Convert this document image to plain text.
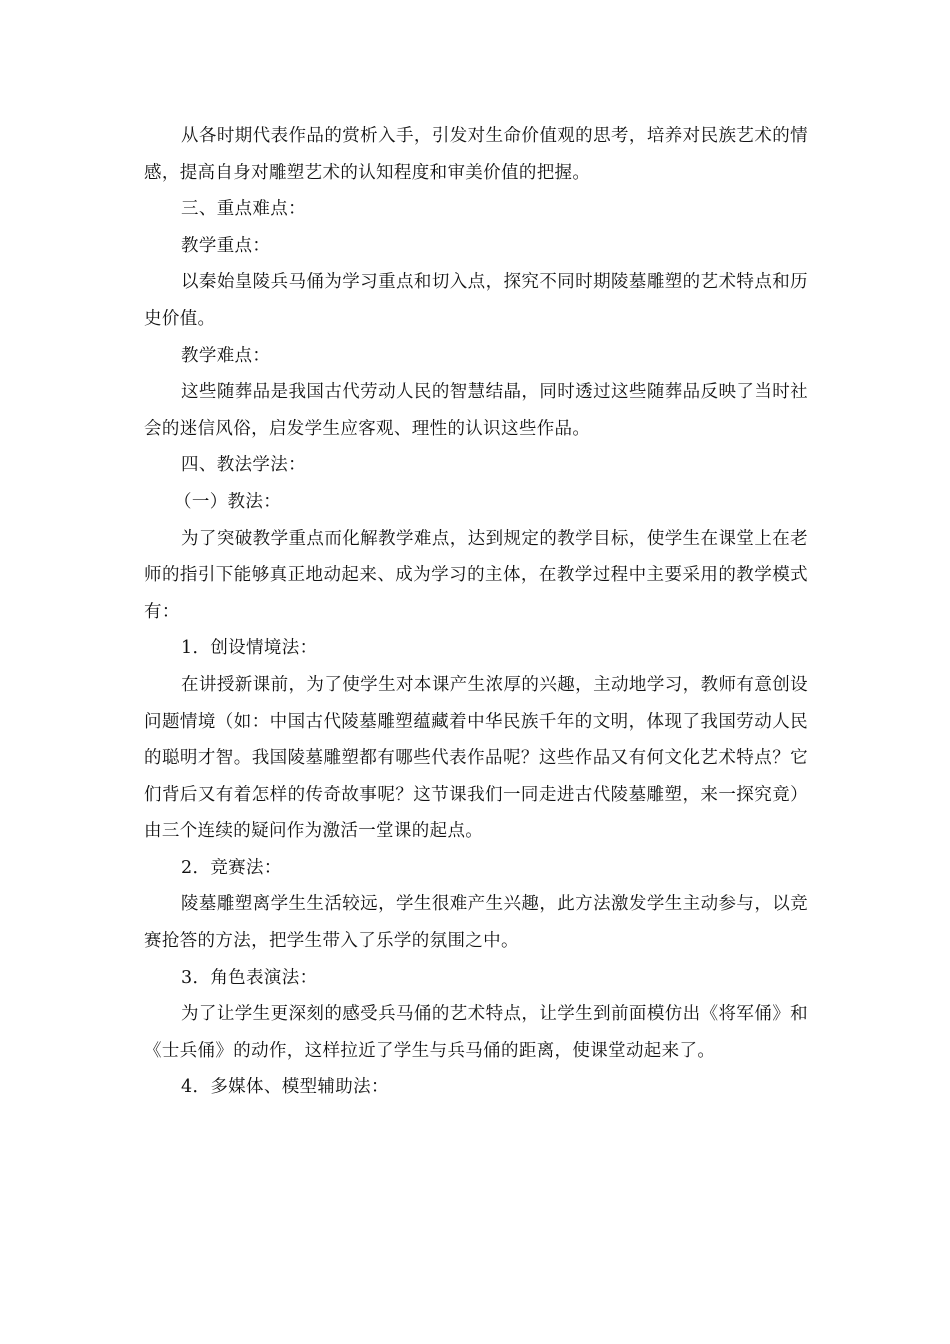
从各时期代表作品的赏析入手，引发对生命价值观的思考，培养对民族艺术的情感，提高自身对雕塑艺术的认知程度和审美价值的把握。

三、重点难点：

教学重点：

以秦始皇陵兵马俑为学习重点和切入点，探究不同时期陵墓雕塑的艺术特点和历史价值。

教学难点：

这些随葬品是我国古代劳动人民的智慧结晶，同时透过这些随葬品反映了当时社会的迷信风俗，启发学生应客观、理性的认识这些作品。

四、教法学法：

（一）教法：

为了突破教学重点而化解教学难点，达到规定的教学目标，使学生在课堂上在老师的指引下能够真正地动起来、成为学习的主体，在教学过程中主要采用的教学模式有：

1．创设情境法：

在讲授新课前，为了使学生对本课产生浓厚的兴趣，主动地学习，教师有意创设问题情境（如：中国古代陵墓雕塑蕴藏着中华民族千年的文明，体现了我国劳动人民的聪明才智。我国陵墓雕塑都有哪些代表作品呢？这些作品又有何文化艺术特点？它们背后又有着怎样的传奇故事呢？这节课我们一同走进古代陵墓雕塑，来一探究竟）由三个连续的疑问作为激活一堂课的起点。

2．竞赛法：

陵墓雕塑离学生生活较远，学生很难产生兴趣，此方法激发学生主动参与，以竞赛抢答的方法，把学生带入了乐学的氛围之中。

3．角色表演法：

为了让学生更深刻的感受兵马俑的艺术特点，让学生到前面模仿出《将军俑》和《士兵俑》的动作，这样拉近了学生与兵马俑的距离，使课堂动起来了。

4．多媒体、模型辅助法：
